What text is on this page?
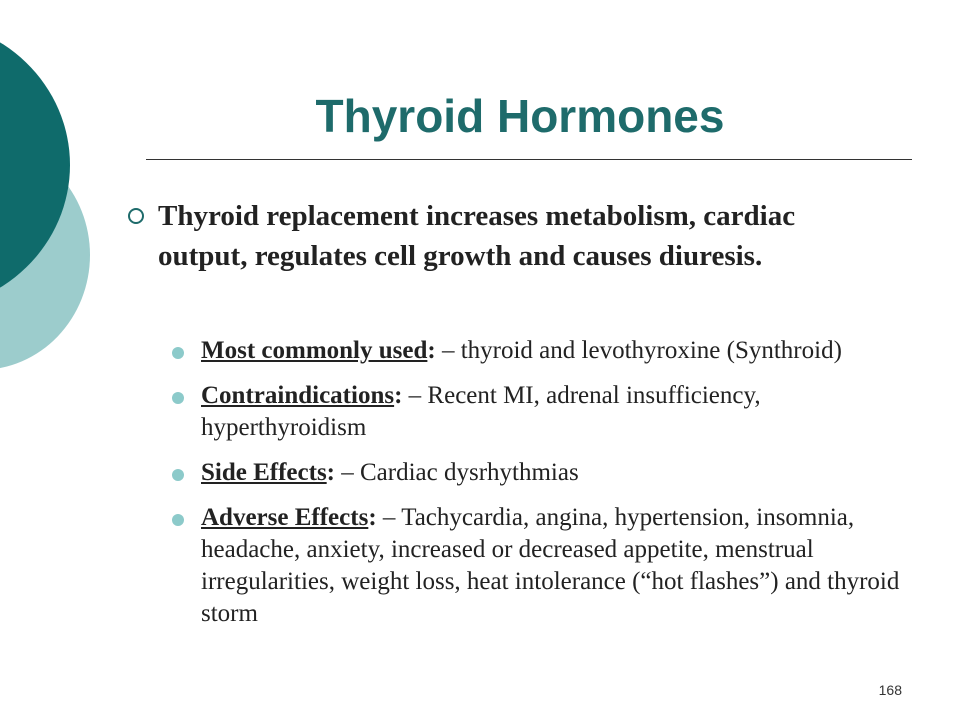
Thyroid Hormones
Thyroid replacement increases metabolism, cardiac output, regulates cell growth and causes diuresis.
Most commonly used: – thyroid and levothyroxine (Synthroid)
Contraindications: – Recent MI, adrenal insufficiency, hyperthyroidism
Side Effects: – Cardiac dysrhythmias
Adverse Effects: – Tachycardia, angina, hypertension, insomnia, headache, anxiety, increased or decreased appetite, menstrual irregularities, weight loss, heat intolerance (“hot flashes”) and thyroid storm
168
